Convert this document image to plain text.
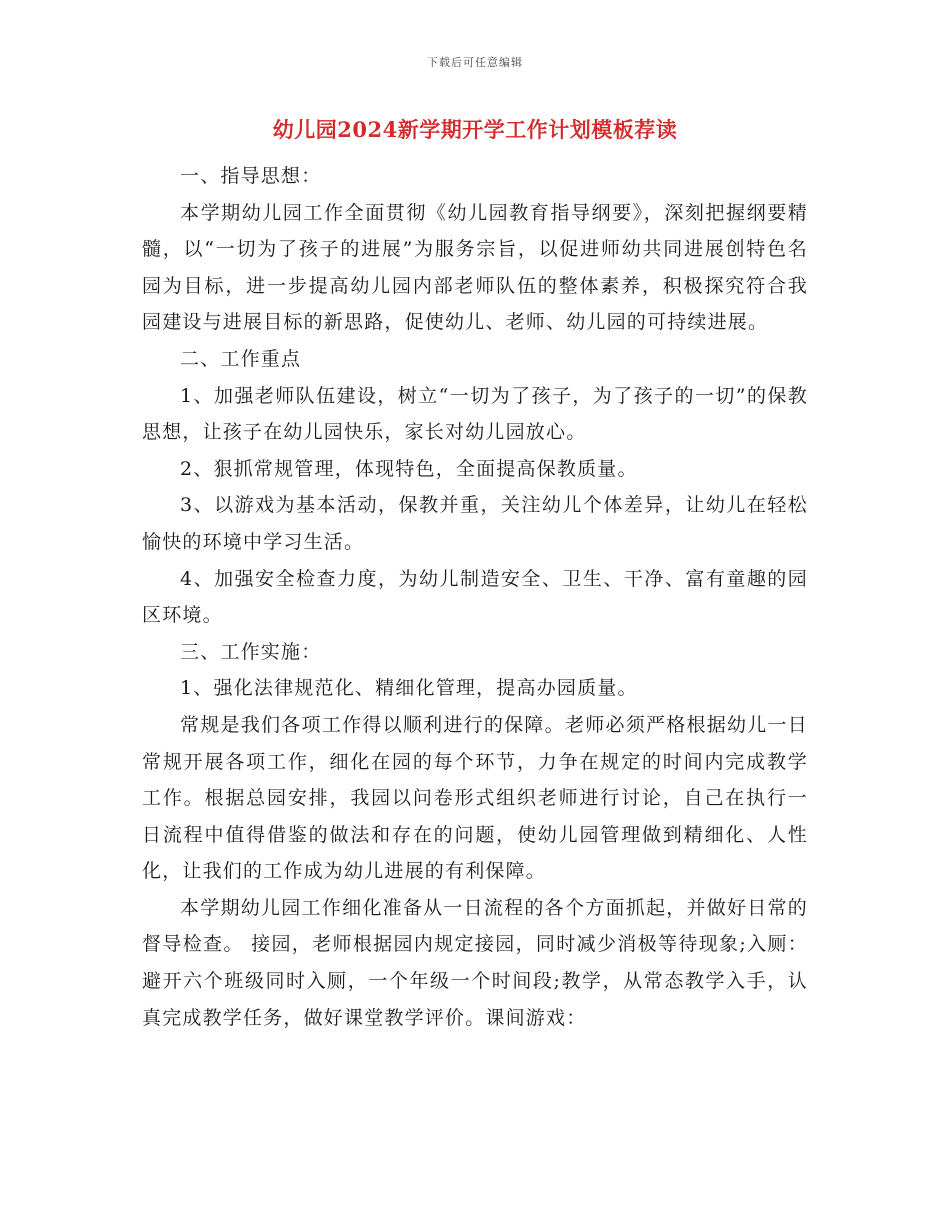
下载后可任意编辑
幼儿园2024新学期开学工作计划模板荐读

一、指导思想：

本学期幼儿园工作全面贯彻《幼儿园教育指导纲要》，深刻把握纲要精髓，以“一切为了孩子的进展”为服务宗旨，以促进师幼共同进展创特色名园为目标，进一步提高幼儿园内部老师队伍的整体素养，积极探究符合我园建设与进展目标的新思路，促使幼儿、老师、幼儿园的可持续进展。

二、工作重点

1、加强老师队伍建设，树立“一切为了孩子，为了孩子的一切”的保教思想，让孩子在幼儿园快乐，家长对幼儿园放心。

2、狠抓常规管理，体现特色，全面提高保教质量。

3、以游戏为基本活动，保教并重，关注幼儿个体差异，让幼儿在轻松愉快的环境中学习生活。

4、加强安全检查力度，为幼儿制造安全、卫生、干净、富有童趣的园区环境。

三、工作实施：

1、强化法律规范化、精细化管理，提高办园质量。

常规是我们各项工作得以顺利进行的保障。老师必须严格根据幼儿一日常规开展各项工作，细化在园的每个环节，力争在规定的时间内完成教学工作。根据总园安排，我园以问卷形式组织老师进行讨论，自己在执行一日流程中值得借鉴的做法和存在的问题，使幼儿园管理做到精细化、人性化，让我们的工作成为幼儿进展的有利保障。

本学期幼儿园工作细化准备从一日流程的各个方面抓起，并做好日常的督导检查。 接园，老师根据园内规定接园，同时减少消极等待现象;入厕：避开六个班级同时入厕，一个年级一个时间段;教学，从常态教学入手，认真完成教学任务，做好课堂教学评价。课间游戏：
